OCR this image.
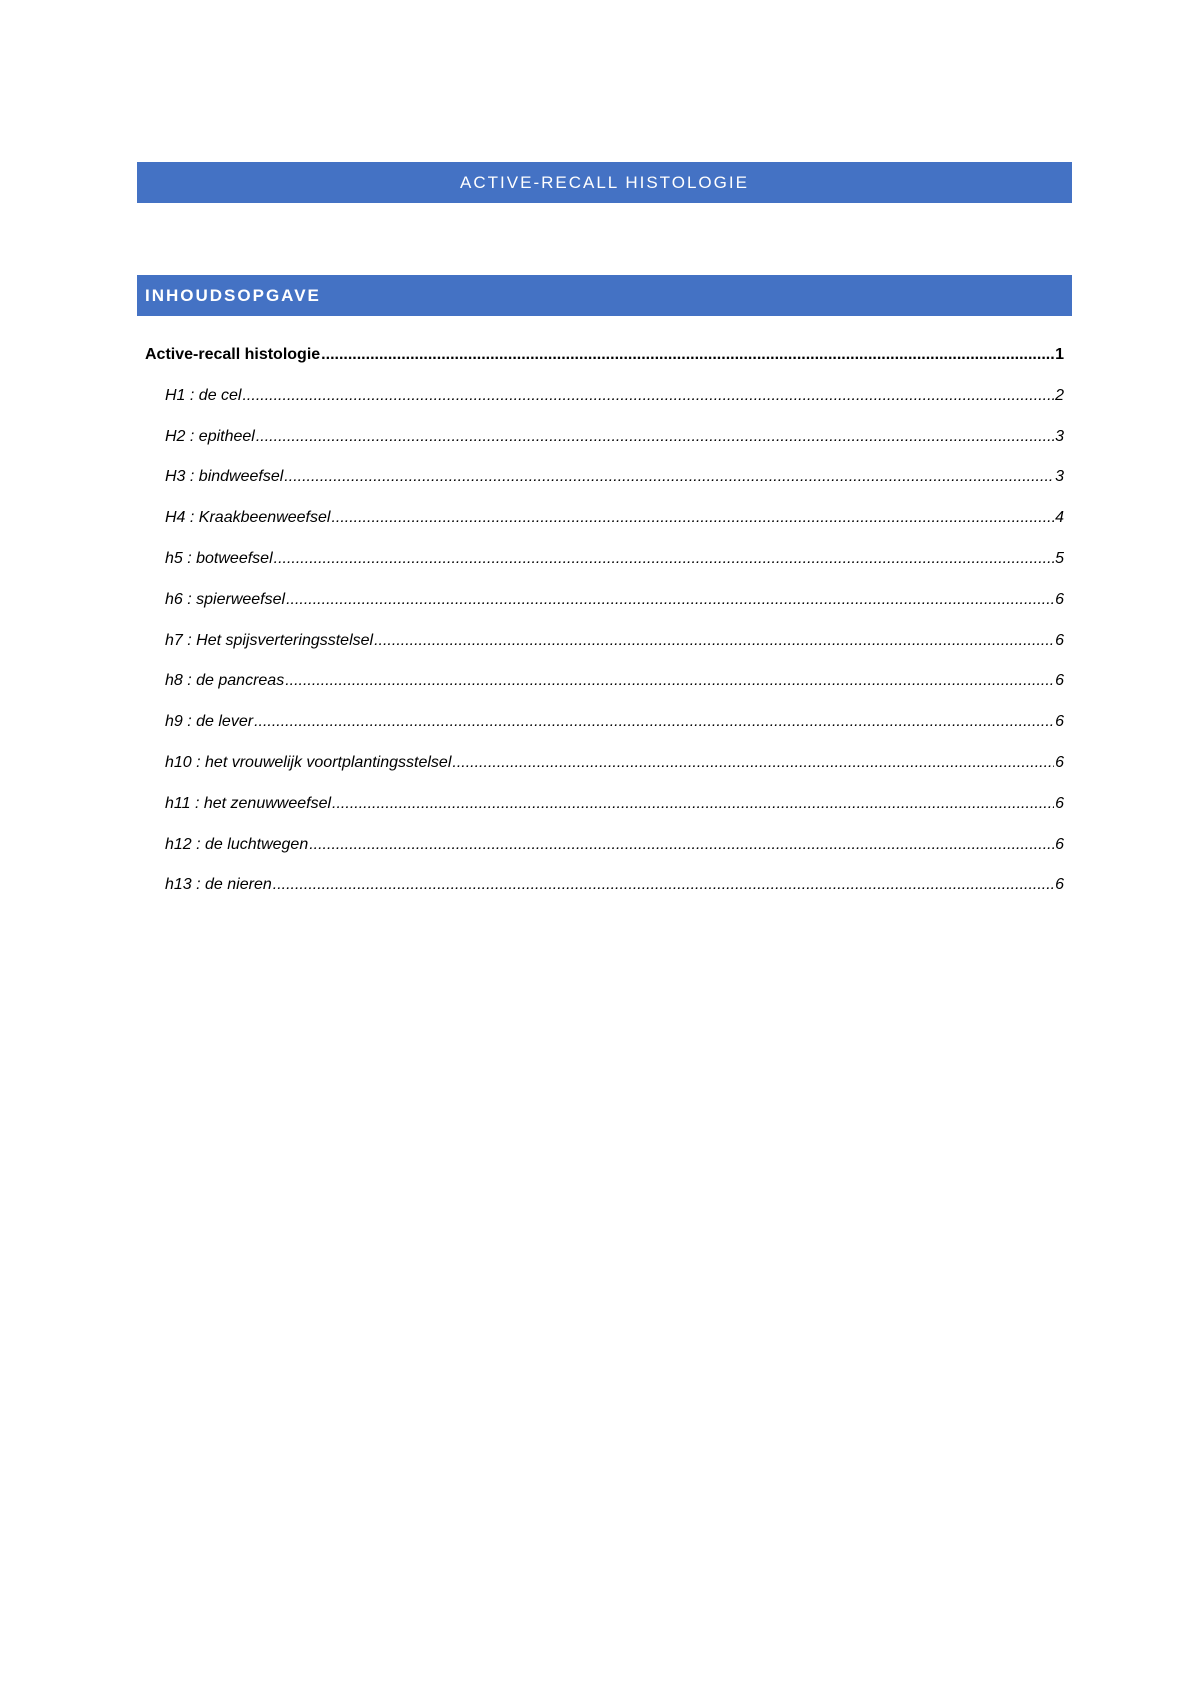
ACTIVE-RECALL HISTOLOGIE
INHOUDSOPGAVE
Active-recall histologie .....	1
H1 : de cel .....	2
H2 : epitheel .....	3
H3 : bindweefsel .....	3
H4 : Kraakbeenweefsel .....	4
h5 : botweefsel .....	5
h6 : spierweefsel .....	6
h7 : Het spijsverteringsstelsel .....	6
h8 : de pancreas .....	6
h9 : de lever .....	6
h10 : het vrouwelijk voortplantingsstelsel .....	6
h11 : het zenuwweefsel .....	6
h12 : de luchtwegen .....	6
h13 : de nieren .....	6
